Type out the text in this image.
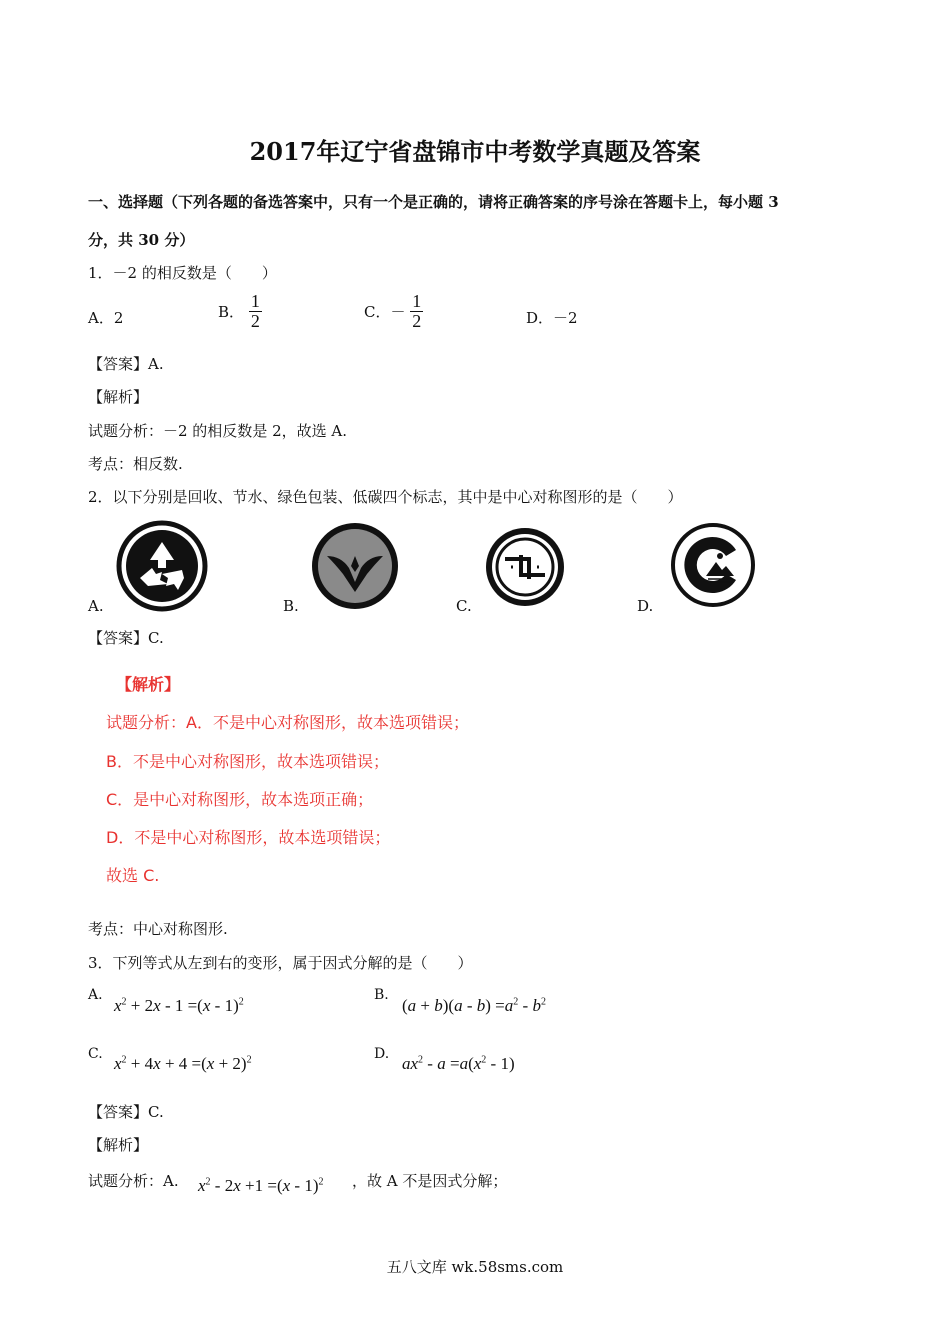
2017年辽宁省盘锦市中考数学真题及答案
一、选择题（下列各题的备选答案中，只有一个是正确的，请将正确答案的序号涂在答题卡上，每小题 3
分，共 30 分）
1．－2 的相反数是（　　）
A．2	B． $\frac{1}{2}$	C．－ $\frac{1}{2}$	D．－2
【答案】A.
【解析】
试题分析：－2 的相反数是 2，故选 A.
考点：相反数.
2．以下分别是回收、节水、绿色包装、低碳四个标志，其中是中心对称图形的是（　　）
A.	B.	C.	D.
【答案】C.
【解析】
试题分析：A．不是中心对称图形，故本选项错误；
B．不是中心对称图形，故本选项错误；
C．是中心对称图形，故本选项正确；
D．不是中心对称图形，故本选项错误；
故选 C.
考点：中心对称图形.
3．下列等式从左到右的变形，属于因式分解的是（　　）
A.
$x^2 + 2x - 1 =(x - 1)^2$	B.
$(a + b)(a - b) =a^2 - b^2$
C. $x^2 + 4x + 4 =(x + 2)^2$	D. $ax^2 - a =a(x^2 - 1)$
【答案】C.
【解析】
试题分析：A. $x^2 - 2x +1 =(x - 1)^2$ ，故 A 不是因式分解；
五八文库 wk.58sms.com
